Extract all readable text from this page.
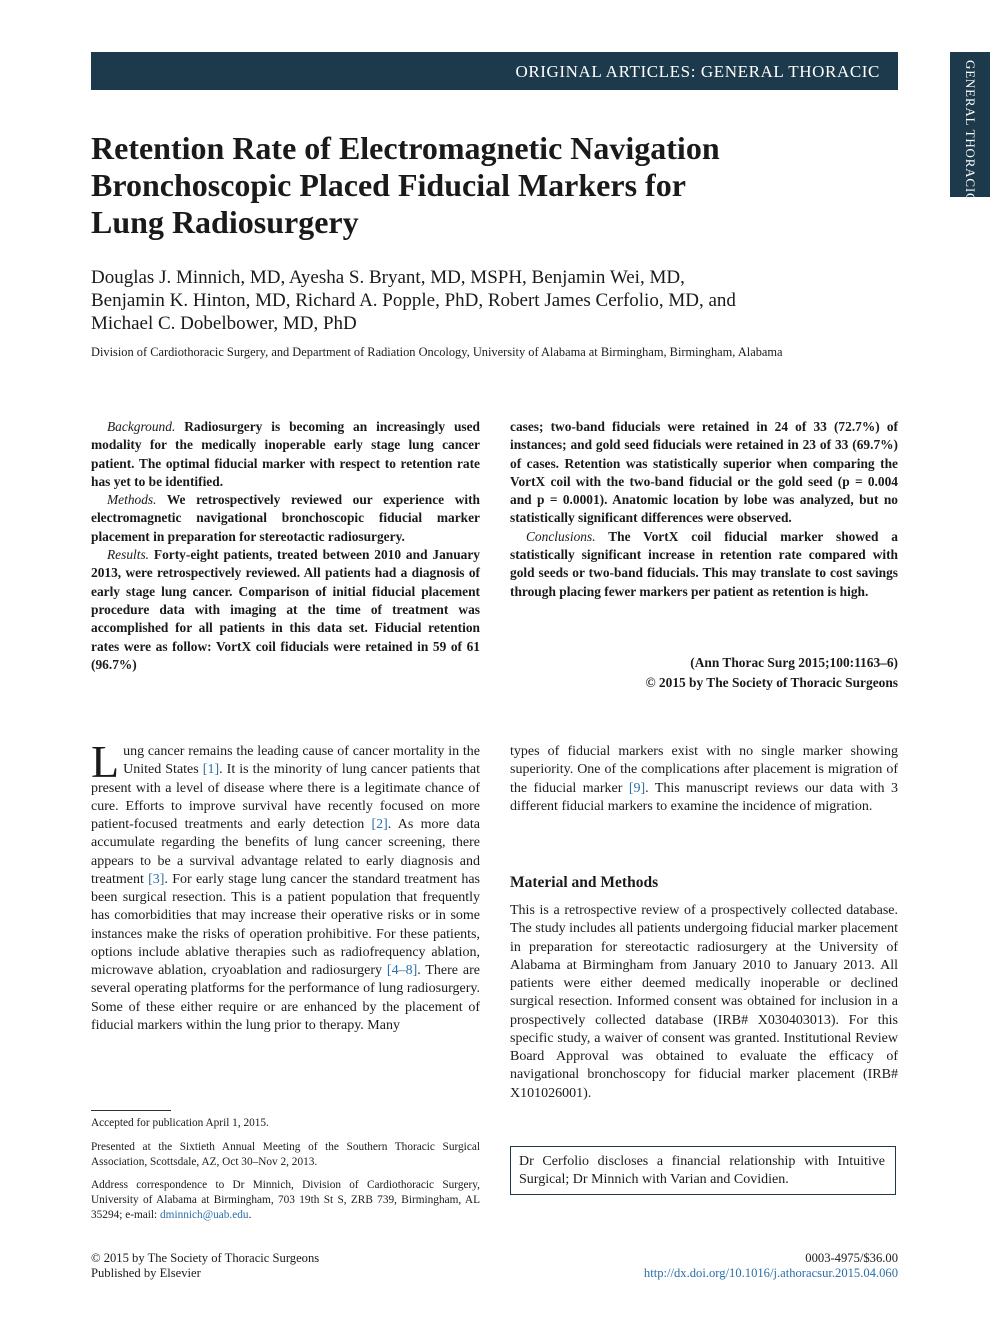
ORIGINAL ARTICLES: GENERAL THORACIC	GENERAL THORACIC
Retention Rate of Electromagnetic Navigation
Bronchoscopic Placed Fiducial Markers for
Lung Radiosurgery
Douglas J. Minnich, MD, Ayesha S. Bryant, MD, MSPH, Benjamin Wei, MD,
Benjamin K. Hinton, MD, Richard A. Popple, PhD, Robert James Cerfolio, MD, and
Michael C. Dobelbower, MD, PhD
Division of Cardiothoracic Surgery, and Department of Radiation Oncology, University of Alabama at Birmingham, Birmingham, Alabama

Background. Radiosurgery is becoming an increasingly used modality for the medically inoperable early stage lung cancer patient. The optimal fiducial marker with respect to retention rate has yet to be identified.

Methods. We retrospectively reviewed our experience with electromagnetic navigational bronchoscopic fiducial marker placement in preparation for stereotactic radiosurgery.

Results. Forty-eight patients, treated between 2010 and January 2013, were retrospectively reviewed. All patients had a diagnosis of early stage lung cancer. Comparison of initial fiducial placement procedure data with imaging at the time of treatment was accomplished for all patients in this data set. Fiducial retention rates were as follow: VortX coil fiducials were retained in 59 of 61 (96.7%)

cases; two-band fiducials were retained in 24 of 33 (72.7%) of instances; and gold seed fiducials were retained in 23 of 33 (69.7%) of cases. Retention was statistically superior when comparing the VortX coil with the two-band fiducial or the gold seed (p = 0.004 and p = 0.0001). Anatomic location by lobe was analyzed, but no statistically significant differences were observed.

Conclusions. The VortX coil fiducial marker showed a statistically significant increase in retention rate compared with gold seeds or two-band fiducials. This may translate to cost savings through placing fewer markers per patient as retention is high.

(Ann Thorac Surg 2015;100:1163–6)
© 2015 by The Society of Thoracic Surgeons

Lung cancer remains the leading cause of cancer mortality in the United States [1]. It is the minority of lung cancer patients that present with a level of disease where there is a legitimate chance of cure. Efforts to improve survival have recently focused on more patient-focused treatments and early detection [2]. As more data accumulate regarding the benefits of lung cancer screening, there appears to be a survival advantage related to early diagnosis and treatment [3]. For early stage lung cancer the standard treatment has been surgical resection. This is a patient population that frequently has comorbidities that may increase their operative risks or in some instances make the risks of operation prohibitive. For these patients, options include ablative therapies such as radiofrequency ablation, microwave ablation, cryoablation and radiosurgery [4–8]. There are several operating platforms for the performance of lung radiosurgery. Some of these either require or are enhanced by the placement of fiducial markers within the lung prior to therapy. Many

types of fiducial markers exist with no single marker showing superiority. One of the complications after placement is migration of the fiducial marker [9]. This manuscript reviews our data with 3 different fiducial markers to examine the incidence of migration.

Material and Methods

This is a retrospective review of a prospectively collected database. The study includes all patients undergoing fiducial marker placement in preparation for stereotactic radiosurgery at the University of Alabama at Birmingham from January 2010 to January 2013. All patients were either deemed medically inoperable or declined surgical resection. Informed consent was obtained for inclusion in a prospectively collected database (IRB# X030403013). For this specific study, a waiver of consent was granted. Institutional Review Board Approval was obtained to evaluate the efficacy of navigational bronchoscopy for fiducial marker placement (IRB# X101026001).

Dr Cerfolio discloses a financial relationship with Intuitive Surgical; Dr Minnich with Varian and Covidien.

Accepted for publication April 1, 2015.

Presented at the Sixtieth Annual Meeting of the Southern Thoracic Surgical Association, Scottsdale, AZ, Oct 30–Nov 2, 2013.

Address correspondence to Dr Minnich, Division of Cardiothoracic Surgery, University of Alabama at Birmingham, 703 19th St S, ZRB 739, Birmingham, AL 35294; e-mail: dminnich@uab.edu.

© 2015 by The Society of Thoracic Surgeons
Published by Elsevier
0003-4975/$36.00
http://dx.doi.org/10.1016/j.athoracsur.2015.04.060
